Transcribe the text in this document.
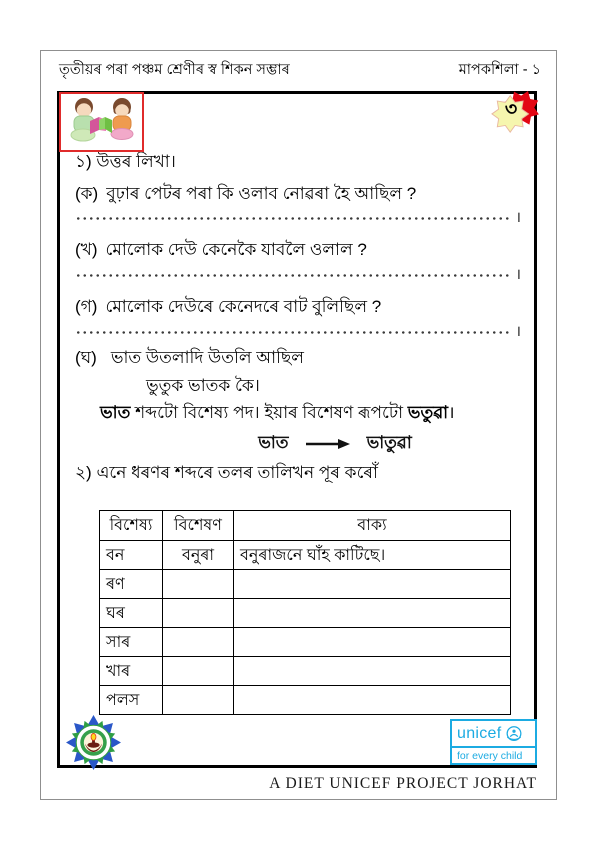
তৃতীয়ৰ পৰা পঞ্চম শ্ৰেণীৰ স্ব শিকন সম্ভাৰ	মাপকশিলা - ১
৩
১) উত্তৰ লিখা।
(ক) বুঢ়াৰ পেটৰ পৰা কি ওলাব নোৱৰা হৈ আছিল ?
।
(খ) মোলোক দেউ কেনেকৈ যাবলৈ ওলাল ?
।
(গ) মোলোক দেউৰে কেনেদৰে বাট বুলিছিল ?
।
(ঘ) ভাত উতলাদি উতলি আছিল
ভুতুক ভাতক কৈ।
ভাত শব্দটো বিশেষ্য পদ। ইয়াৰ বিশেষণ ৰূপটো ভতুৱা।
ভাত	ভাতুৱা
২) এনে ধৰণৰ শব্দৰে তলৰ তালিখন পূৰ কৰোঁ
বিশেষ্য	বিশেষণ	বাক্য
বন	বনুৰা	বনুৰাজনে ঘাঁহ কাটিছে।
ৰণ		
ঘৰ		
সাৰ		
খাৰ		
পলস		
unicef
for every child
A DIET UNICEF PROJECT JORHAT
